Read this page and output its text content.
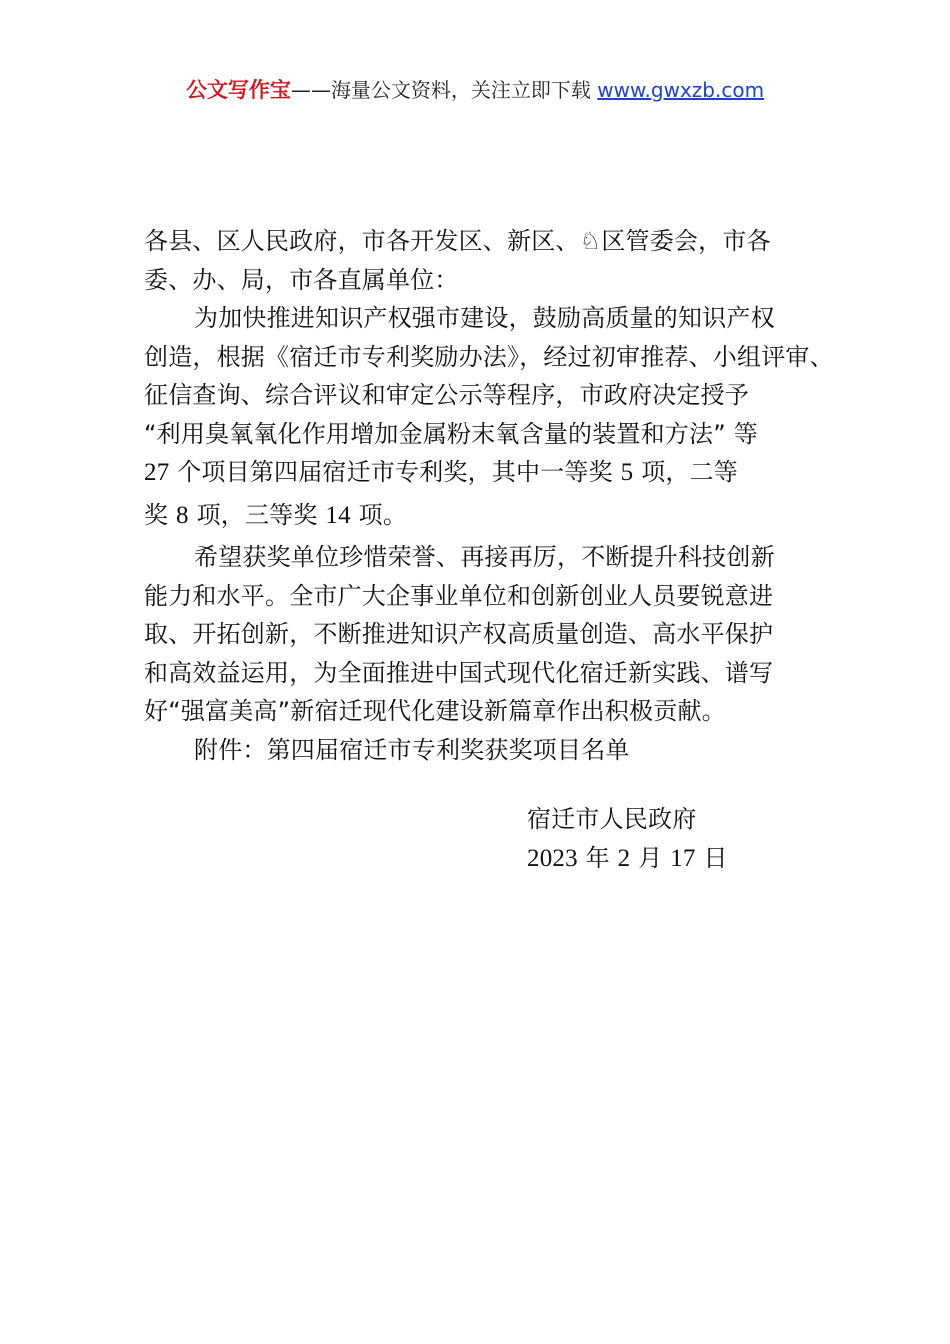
公文写作宝——海量公文资料，关注立即下载 www.gwxzb.com
各县、区人民政府，市各开发区、新区、♘区管委会，市各
委、办、局，市各直属单位：
为加快推进知识产权强市建设，鼓励高质量的知识产权
创造，根据《宿迁市专利奖励办法》，经过初审推荐、小组评审、
征信查询、综合评议和审定公示等程序，市政府决定授予
“利用臭氧氧化作用增加金属粉末氧含量的装置和方法” 等
27 个项目第四届宿迁市专利奖，其中一等奖 5 项，二等
奖 8 项，三等奖 14 项。
希望获奖单位珍惜荣誉、再接再厉，不断提升科技创新
能力和水平。全市广大企事业单位和创新创业人员要锐意进
取、开拓创新，不断推进知识产权高质量创造、高水平保护
和高效益运用，为全面推进中国式现代化宿迁新实践、谱写
好“强富美高”新宿迁现代化建设新篇章作出积极贡献。
附件：第四届宿迁市专利奖获奖项目名单
宿迁市人民政府
2023 年 2 月 17 日
